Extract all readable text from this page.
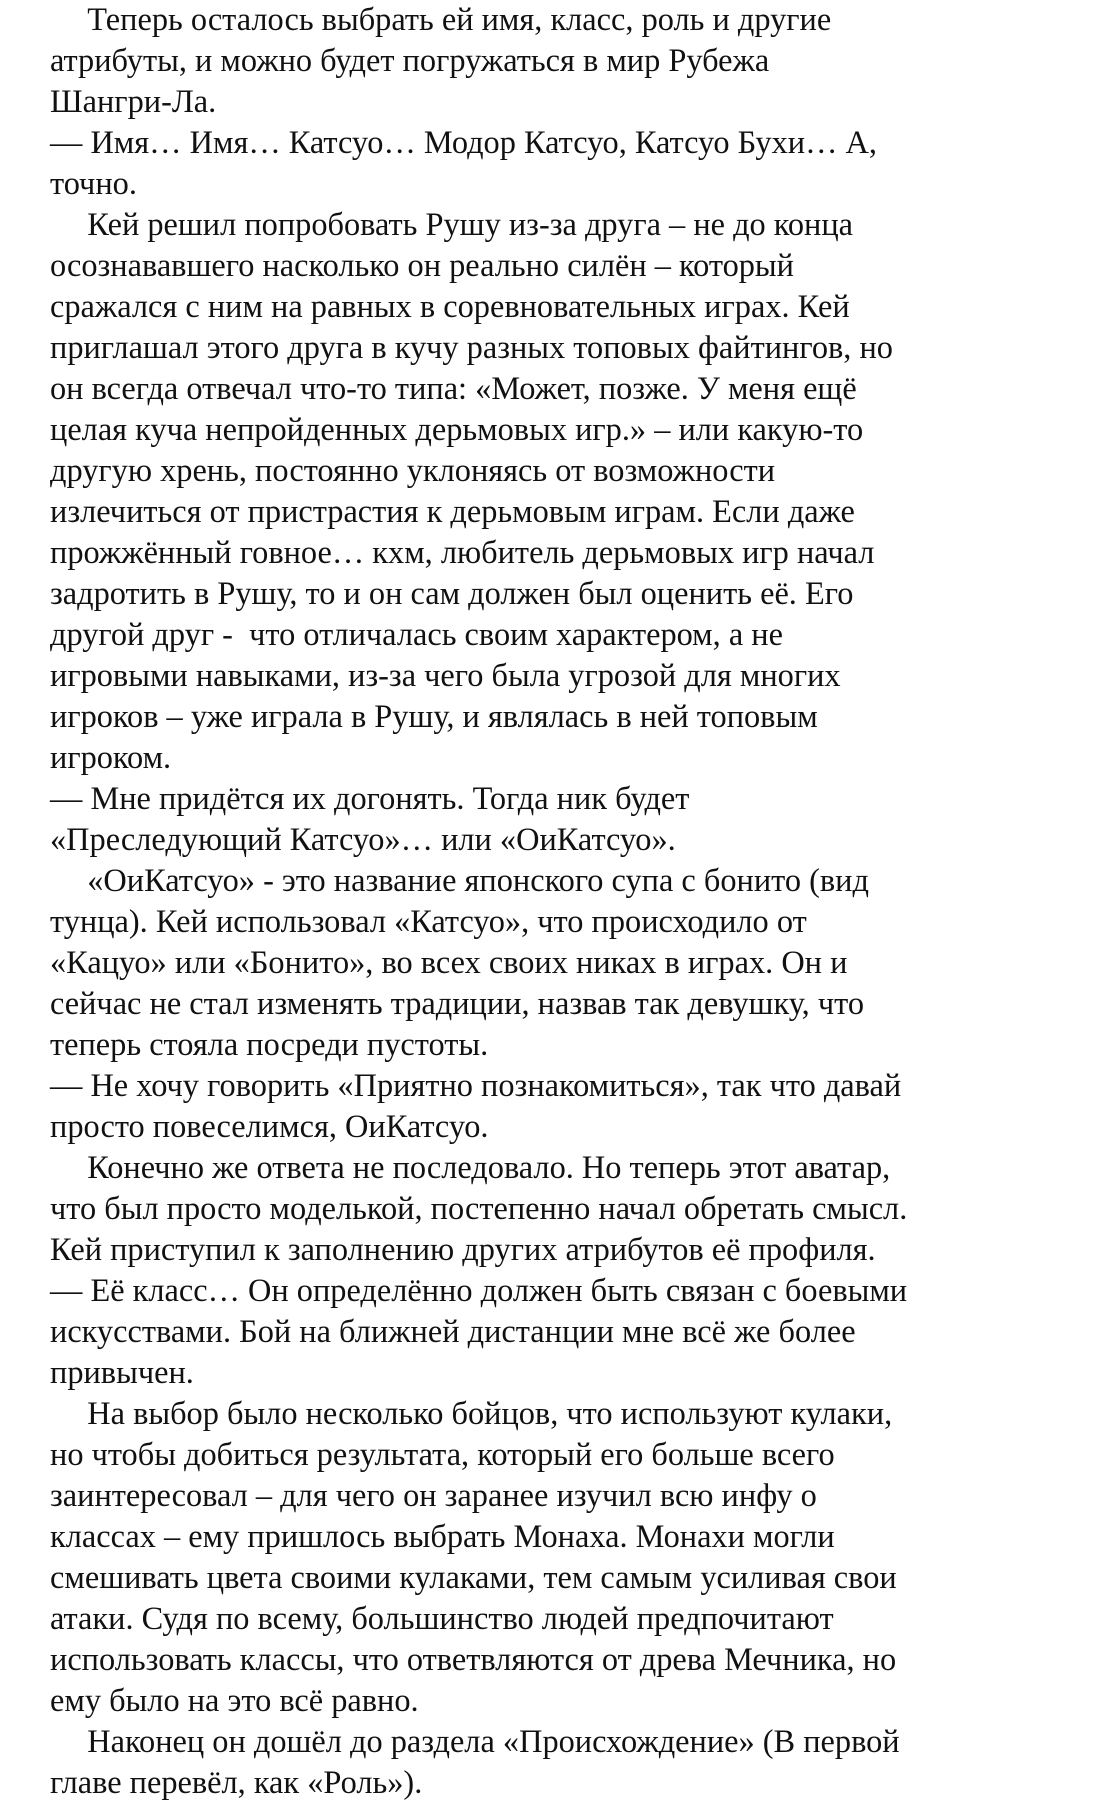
Теперь осталось выбрать ей имя, класс, роль и другие
атрибуты, и можно будет погружаться в мир Рубежа
Шангри-Ла.
— Имя… Имя… Катсуо… Модор Катсуо, Катсуо Бухи… А,
точно.
Кей решил попробовать Рушу из-за друга – не до конца
осознававшего насколько он реально силён – который
сражался с ним на равных в соревновательных играх. Кей
приглашал этого друга в кучу разных топовых файтингов, но
он всегда отвечал что-то типа: «Может, позже. У меня ещё
целая куча непройденных дерьмовых игр.» – или какую-то
другую хрень, постоянно уклоняясь от возможности
излечиться от пристрастия к дерьмовым играм. Если даже
прожжённый говное… кхм, любитель дерьмовых игр начал
задротить в Рушу, то и он сам должен был оценить её. Его
другой друг -  что отличалась своим характером, а не
игровыми навыками, из-за чего была угрозой для многих
игроков – уже играла в Рушу, и являлась в ней топовым
игроком.
— Мне придётся их догонять. Тогда ник будет
«Преследующий Катсуо»… или «ОиКатсуо».
«ОиКатсуо» - это название японского супа с бонито (вид
тунца). Кей использовал «Катсуо», что происходило от
«Кацуо» или «Бонито», во всех своих никах в играх. Он и
сейчас не стал изменять традиции, назвав так девушку, что
теперь стояла посреди пустоты.
— Не хочу говорить «Приятно познакомиться», так что давай
просто повеселимся, ОиКатсуо.
Конечно же ответа не последовало. Но теперь этот аватар,
что был просто моделькой, постепенно начал обретать смысл.
Кей приступил к заполнению других атрибутов её профиля.
— Её класс… Он определённо должен быть связан с боевыми
искусствами. Бой на ближней дистанции мне всё же более
привычен.
На выбор было несколько бойцов, что используют кулаки,
но чтобы добиться результата, который его больше всего
заинтересовал – для чего он заранее изучил всю инфу о
классах – ему пришлось выбрать Монаха. Монахи могли
смешивать цвета своими кулаками, тем самым усиливая свои
атаки. Судя по всему, большинство людей предпочитают
использовать классы, что ответвляются от древа Мечника, но
ему было на это всё равно.
Наконец он дошёл до раздела «Происхождение» (В первой
главе перевёл, как «Роль»).
